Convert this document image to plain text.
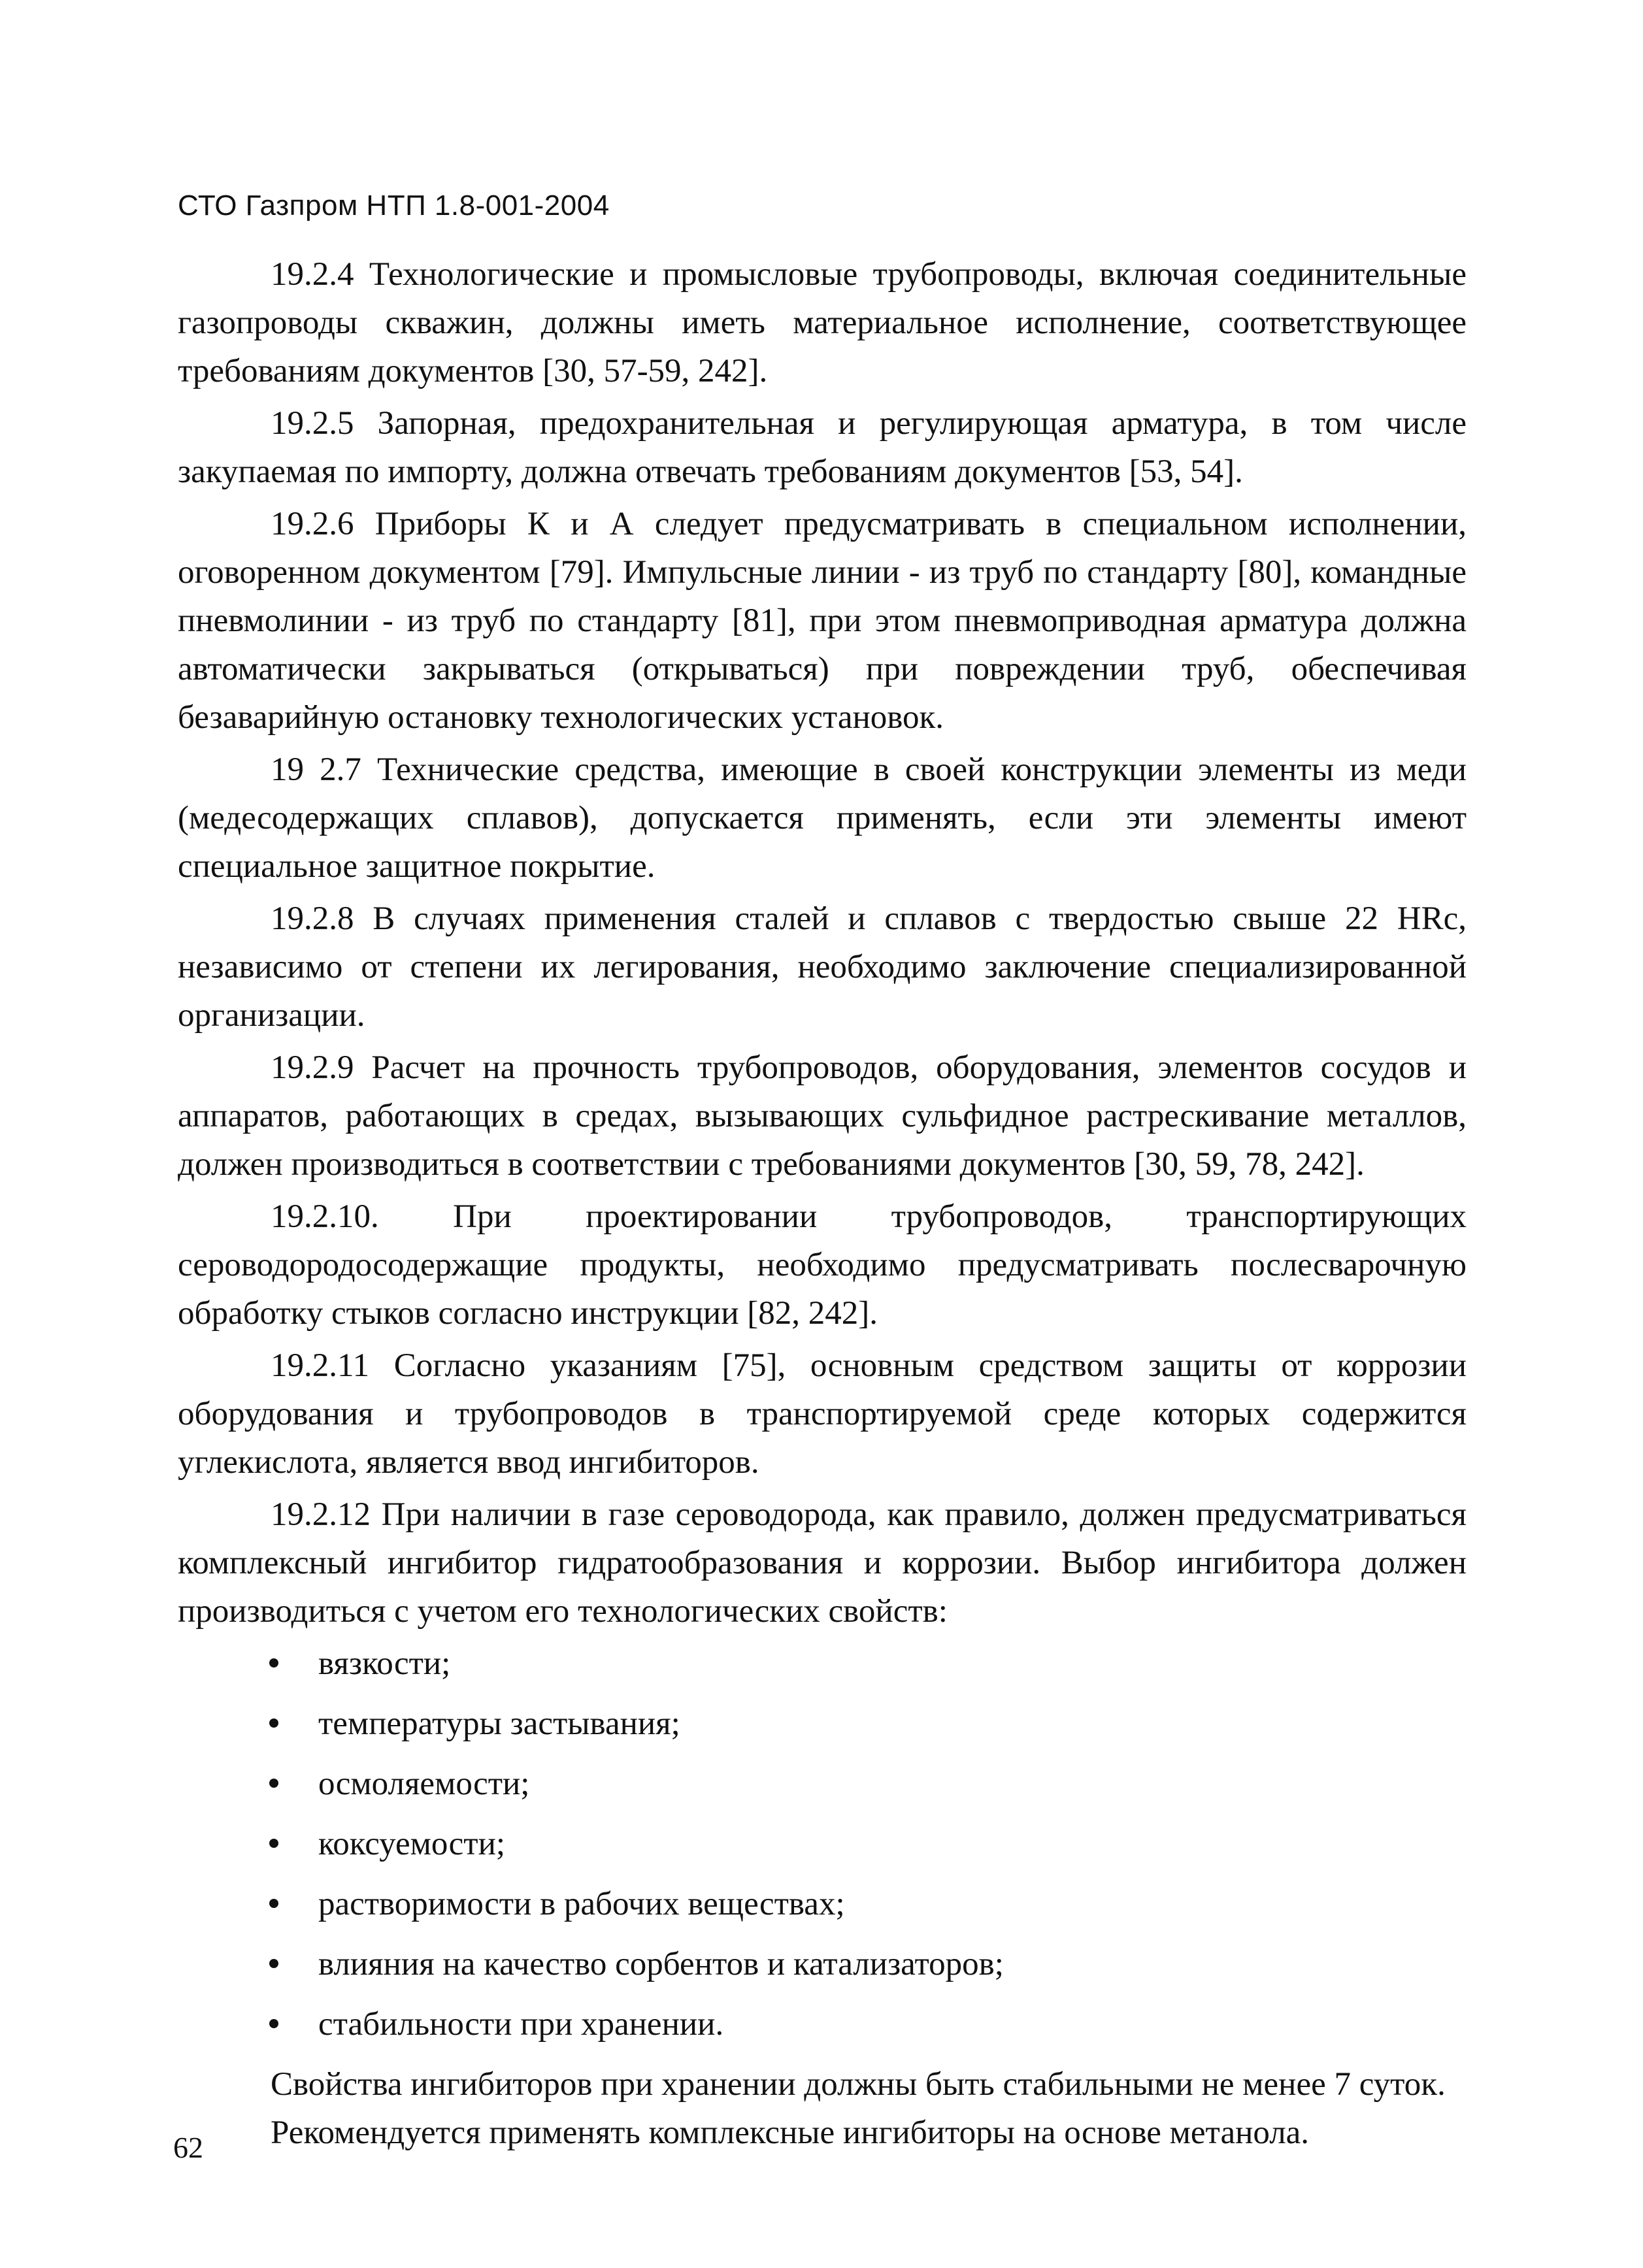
СТО Газпром НТП 1.8-001-2004

19.2.4 Технологические и промысловые трубопроводы, включая соединительные газопроводы скважин, должны иметь материальное исполнение, соответствующее требованиям документов [30, 57-59, 242].

19.2.5 Запорная, предохранительная и регулирующая арматура, в том числе закупаемая по импорту, должна отвечать требованиям документов [53, 54].

19.2.6 Приборы К и А следует предусматривать в специальном исполнении, оговоренном документом [79]. Импульсные линии - из труб по стандарту [80], командные пневмолинии - из труб по стандарту [81], при этом пневмоприводная арматура должна автоматически закрываться (открываться) при повреждении труб, обеспечивая безаварийную остановку технологических установок.

19 2.7 Технические средства, имеющие в своей конструкции элементы из меди (медесодержащих сплавов), допускается применять, если эти элементы имеют специальное защитное покрытие.

19.2.8 В случаях применения сталей и сплавов с твердостью свыше 22 HRc, независимо от степени их легирования, необходимо заключение специализированной организации.

19.2.9 Расчет на прочность трубопроводов, оборудования, элементов сосудов и аппаратов, работающих в средах, вызывающих сульфидное растрескивание металлов, должен производиться в соответствии с требованиями документов [30, 59, 78, 242].

19.2.10. При проектировании трубопроводов, транспортирующих сероводородосодержащие продукты, необходимо предусматривать послесварочную обработку стыков согласно инструкции [82, 242].

19.2.11 Согласно указаниям [75], основным средством защиты от коррозии оборудования и трубопроводов в транспортируемой среде которых содержится углекислота, является ввод ингибиторов.

19.2.12 При наличии в газе сероводорода, как правило, должен предусматриваться комплексный ингибитор гидратообразования и коррозии. Выбор ингибитора должен производиться с учетом его технологических свойств:

вязкости;
температуры застывания;
осмоляемости;
коксуемости;
растворимости в рабочих веществах;
влияния на качество сорбентов и катализаторов;
стабильности при хранении.

Свойства ингибиторов при хранении должны быть стабильными не менее 7 суток.

Рекомендуется применять комплексные ингибиторы на основе метанола.

62
